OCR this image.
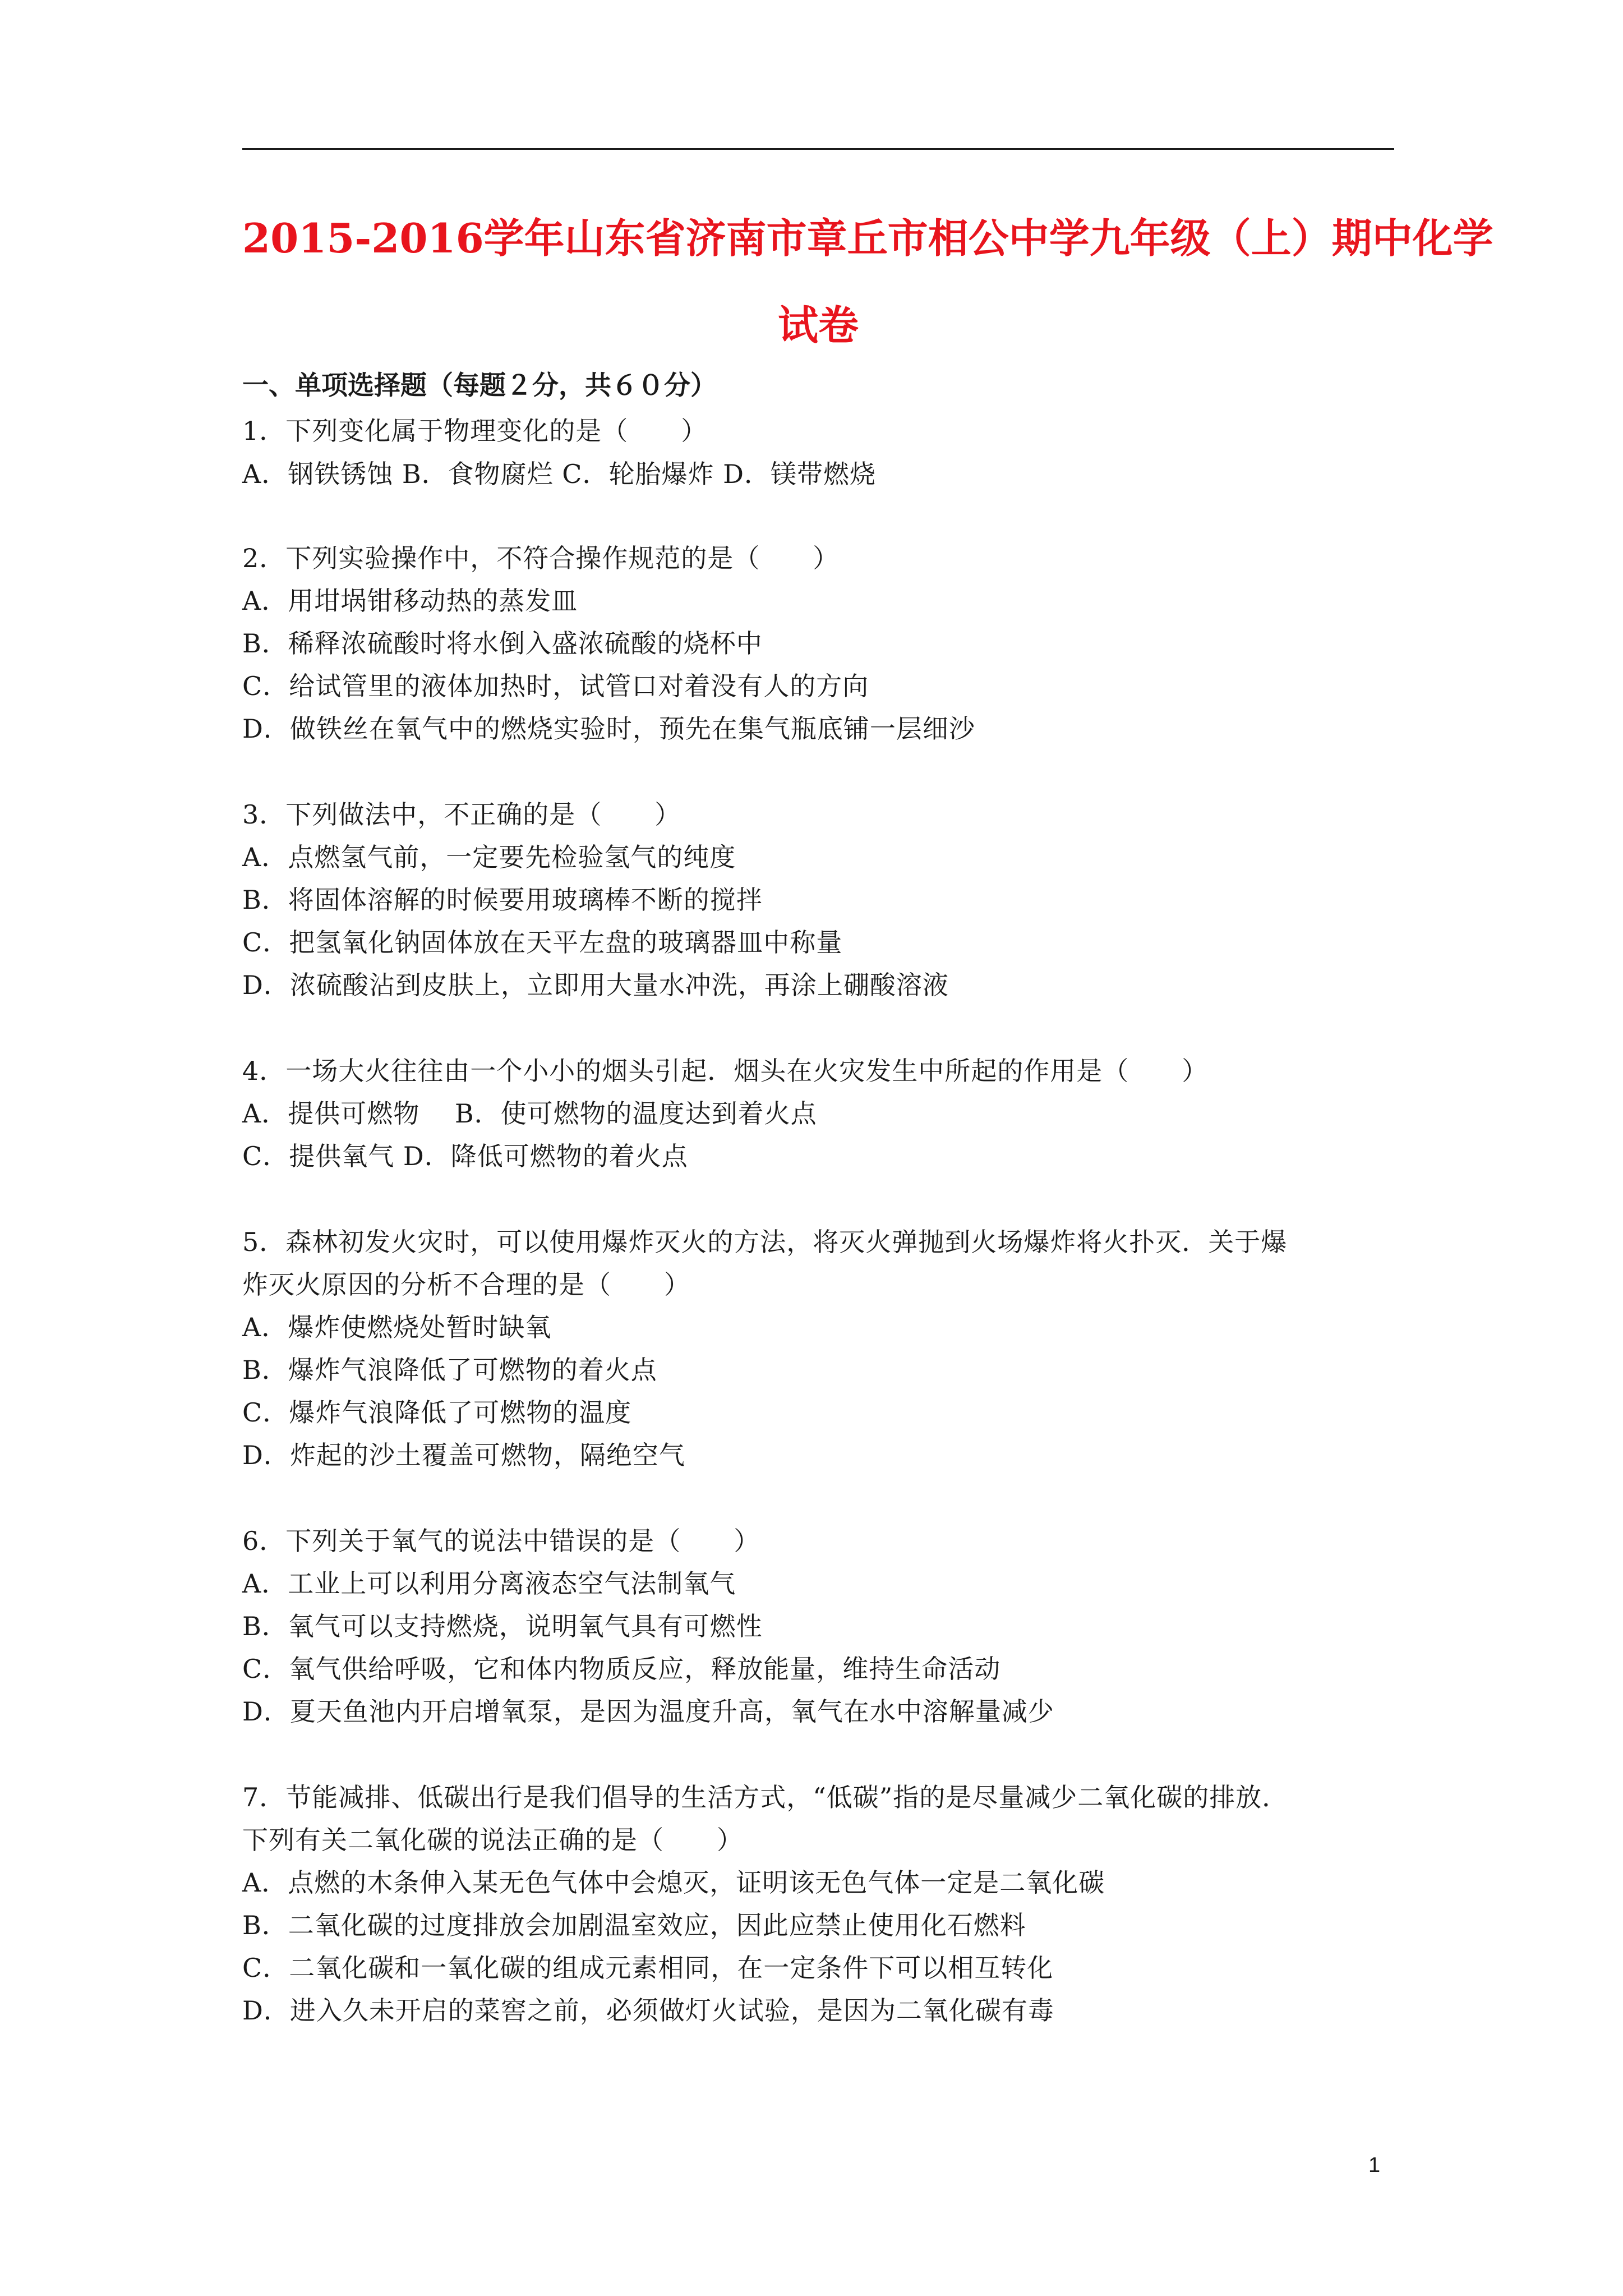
2015-2016学年山东省济南市章丘市相公中学九年级（上）期中化学
试卷
一、单项选择题（每题２分，共６０分）
1．下列变化属于物理变化的是（　　）
A．钢铁锈蚀 B．食物腐烂 C．轮胎爆炸 D．镁带燃烧
2．下列实验操作中，不符合操作规范的是（　　）
A．用坩埚钳移动热的蒸发皿
B．稀释浓硫酸时将水倒入盛浓硫酸的烧杯中
C．给试管里的液体加热时，试管口对着没有人的方向
D．做铁丝在氧气中的燃烧实验时，预先在集气瓶底铺一层细沙
3．下列做法中，不正确的是（　　）
A．点燃氢气前，一定要先检验氢气的纯度
B．将固体溶解的时候要用玻璃棒不断的搅拌
C．把氢氧化钠固体放在天平左盘的玻璃器皿中称量
D．浓硫酸沾到皮肤上，立即用大量水冲洗，再涂上硼酸溶液
4．一场大火往往由一个小小的烟头引起．烟头在火灾发生中所起的作用是（　　）
A．提供可燃物　 B．使可燃物的温度达到着火点
C．提供氧气 D．降低可燃物的着火点
5．森林初发火灾时，可以使用爆炸灭火的方法，将灭火弹抛到火场爆炸将火扑灭．关于爆
炸灭火原因的分析不合理的是（　　）
A．爆炸使燃烧处暂时缺氧
B．爆炸气浪降低了可燃物的着火点
C．爆炸气浪降低了可燃物的温度
D．炸起的沙土覆盖可燃物，隔绝空气
6．下列关于氧气的说法中错误的是（　　）
A．工业上可以利用分离液态空气法制氧气
B．氧气可以支持燃烧，说明氧气具有可燃性
C．氧气供给呼吸，它和体内物质反应，释放能量，维持生命活动
D．夏天鱼池内开启增氧泵，是因为温度升高，氧气在水中溶解量减少
7．节能减排、低碳出行是我们倡导的生活方式，“低碳”指的是尽量减少二氧化碳的排放．
下列有关二氧化碳的说法正确的是（　　）
A．点燃的木条伸入某无色气体中会熄灭，证明该无色气体一定是二氧化碳
B．二氧化碳的过度排放会加剧温室效应，因此应禁止使用化石燃料
C．二氧化碳和一氧化碳的组成元素相同，在一定条件下可以相互转化
D．进入久未开启的菜窖之前，必须做灯火试验，是因为二氧化碳有毒
1
